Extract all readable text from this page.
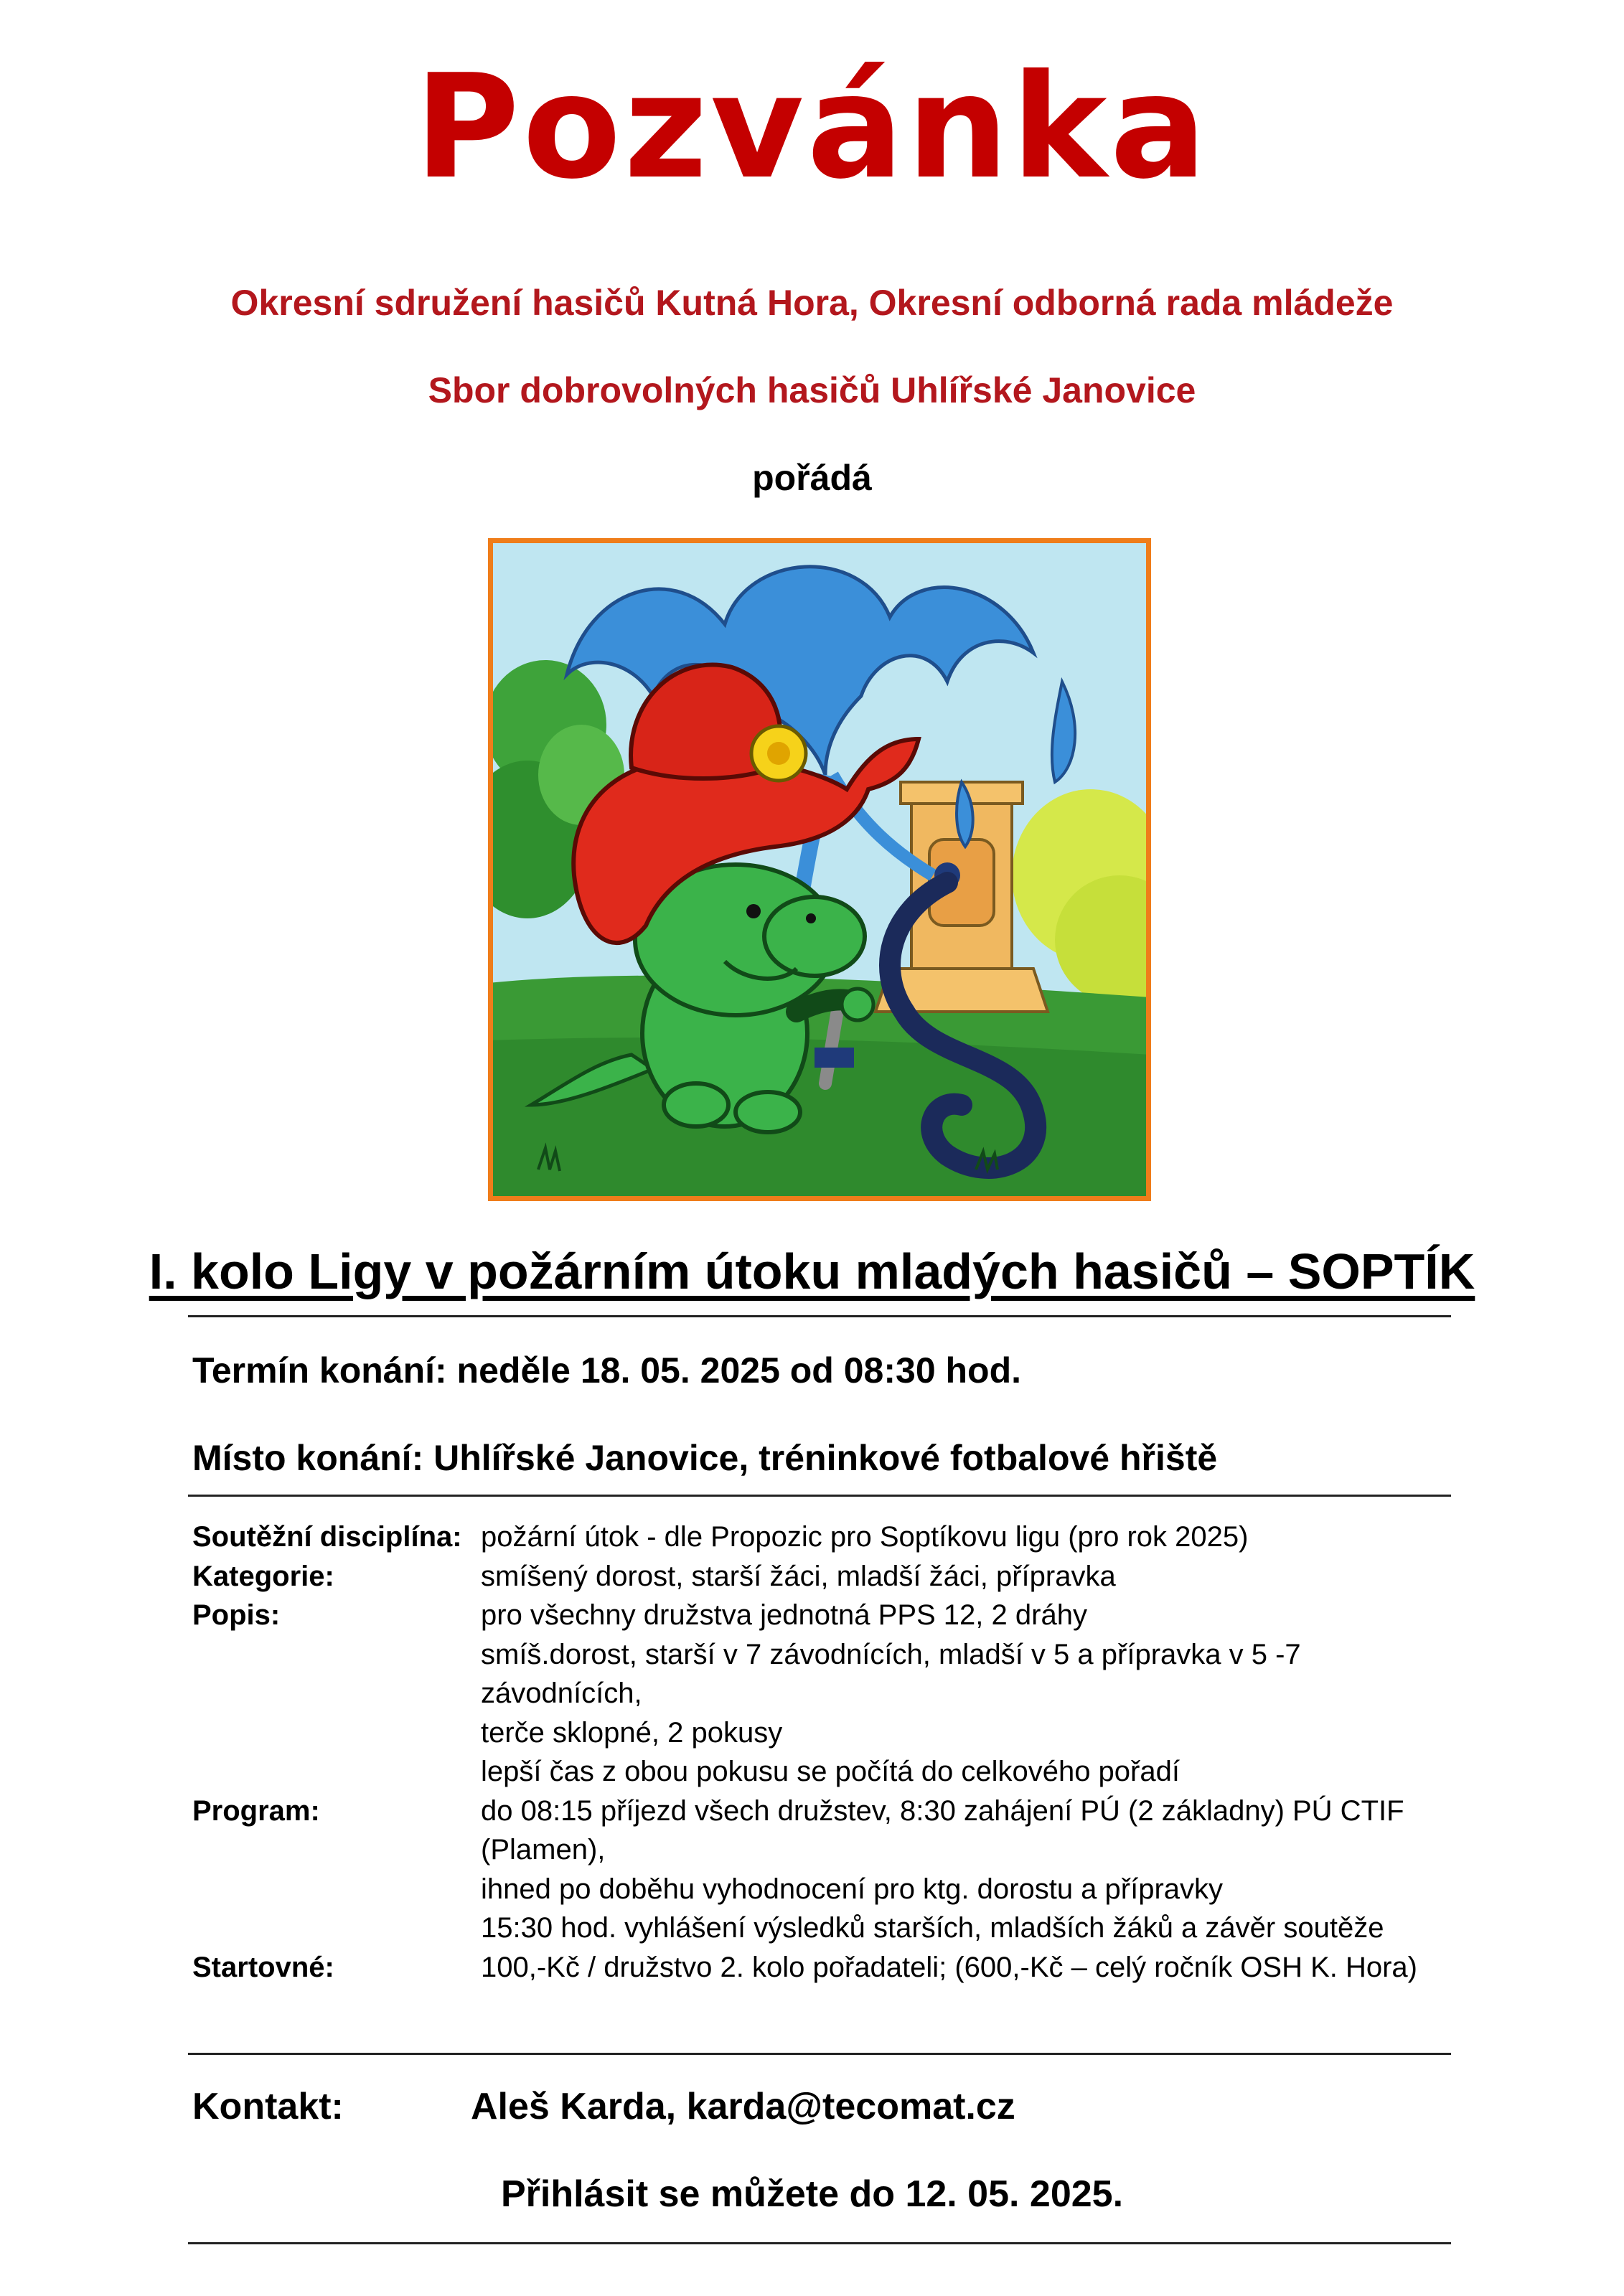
Pozvánka
Okresní sdružení hasičů Kutná Hora, Okresní odborná rada mládeže
Sbor dobrovolných hasičů Uhlířské Janovice
pořádá
I. kolo Ligy v požárním útoku mladých hasičů – SOPTÍK
Termín konání: neděle 18. 05. 2025 od 08:30 hod.
Místo konání: Uhlířské Janovice, tréninkové fotbalové hřiště
Soutěžní disciplína: požární útok - dle Propozic pro Soptíkovu ligu (pro rok 2025)
Kategorie:	smíšený dorost, starší žáci, mladší žáci, přípravka
Popis:	pro všechny družstva jednotná PPS 12, 2 dráhy
smíš.dorost, starší v 7 závodnících, mladší v 5 a přípravka v 5 -7 závodnících,
terče sklopné, 2 pokusy
lepší čas z obou pokusu se počítá do celkového pořadí
Program:	do 08:15 příjezd všech družstev, 8:30 zahájení PÚ (2 základny) PÚ CTIF (Plamen),
ihned po doběhu vyhodnocení pro ktg. dorostu a přípravky
15:30 hod. vyhlášení výsledků starších, mladších žáků a závěr soutěže
Startovné:	100,-Kč / družstvo 2. kolo pořadateli; (600,-Kč – celý ročník OSH K. Hora)
Kontakt:	Aleš Karda, karda@tecomat.cz
Přihlásit se můžete do 12. 05. 2025.
